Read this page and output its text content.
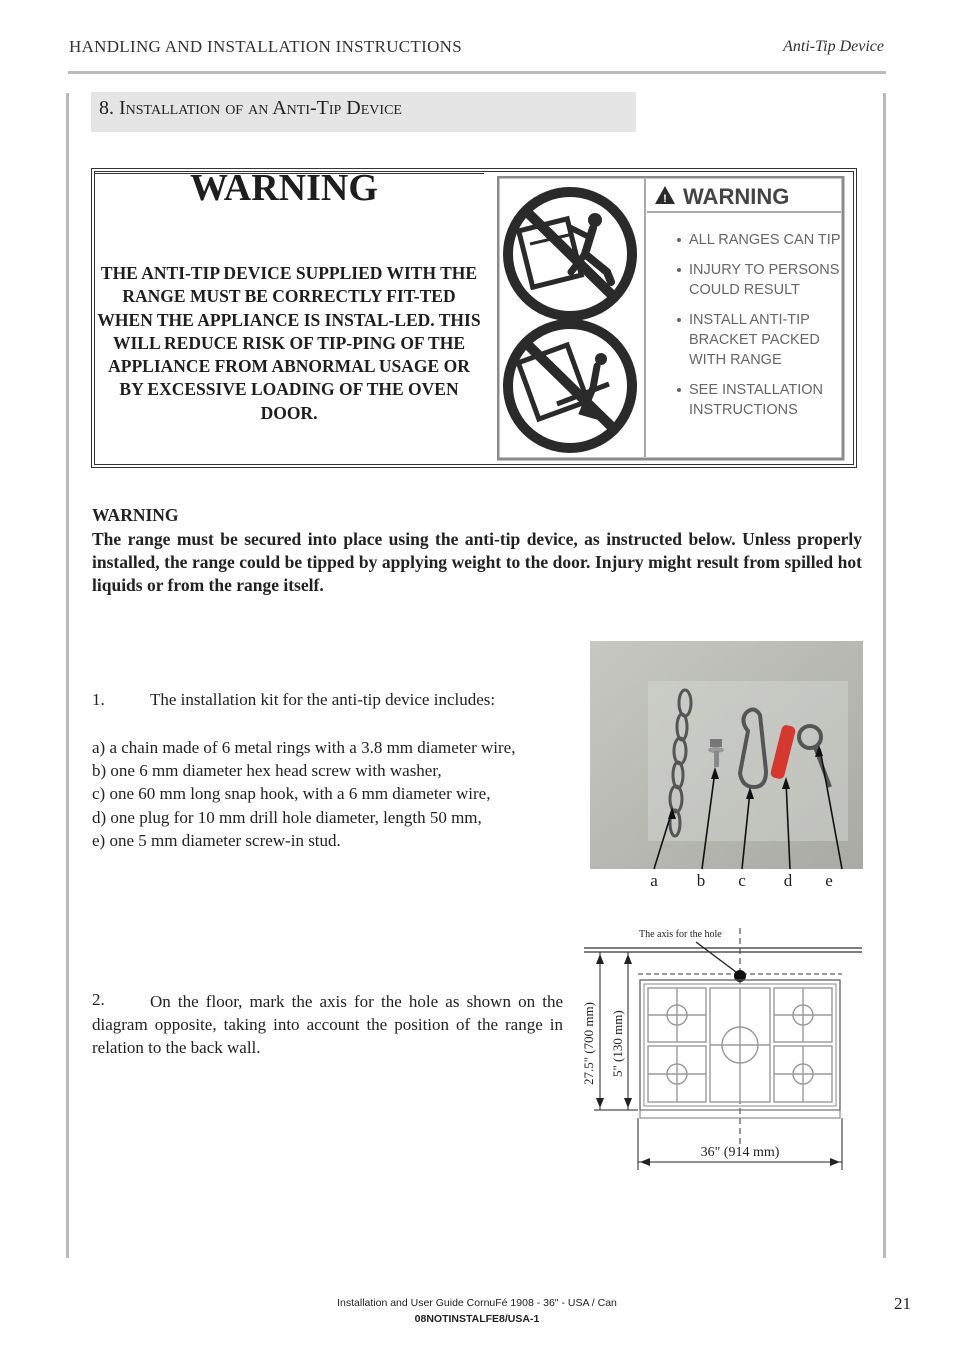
HANDLING AND INSTALLATION INSTRUCTIONS	Anti-Tip Device
8. Installation of an Anti-Tip Device
WARNING
THE ANTI-TIP DEVICE SUPPLIED WITH THE RANGE MUST BE CORRECTLY FIT-TED WHEN THE APPLIANCE IS INSTAL-LED. THIS WILL REDUCE RISK OF TIP-PING OF THE APPLIANCE FROM ABNORMAL USAGE OR BY EXCESSIVE LOADING OF THE OVEN DOOR.
! WARNING
ALL RANGES CAN TIP
INJURY TO PERSONS
COULD RESULT
INSTALL ANTI-TIP
BRACKET PACKED
WITH RANGE
SEE INSTALLATION
INSTRUCTIONS
WARNING
The range must be secured into place using the anti-tip device, as instructed below. Unless properly installed, the range could be tipped by applying weight to the door. Injury might result from spilled hot liquids or from the range itself.
1.	The installation kit for the anti-tip device includes:
a) a chain made of 6 metal rings with a 3.8 mm diameter wire,
b) one 6 mm diameter hex head screw with washer,
c) one 60 mm long snap hook, with a 6 mm diameter wire,
d) one plug for 10 mm drill hole diameter, length 50 mm,
e) one 5 mm diameter screw-in stud.
a b c d e
2.	On the floor, mark the axis for the hole as shown on the diagram opposite, taking into account the position of the range in relation to the back wall.
The axis for the hole
27.5" (700 mm) 5" (130 mm)
36" (914 mm)
Installation and User Guide CornuFé 1908 - 36" - USA / Can
08NOTINSTALFE8/USA-1
21
